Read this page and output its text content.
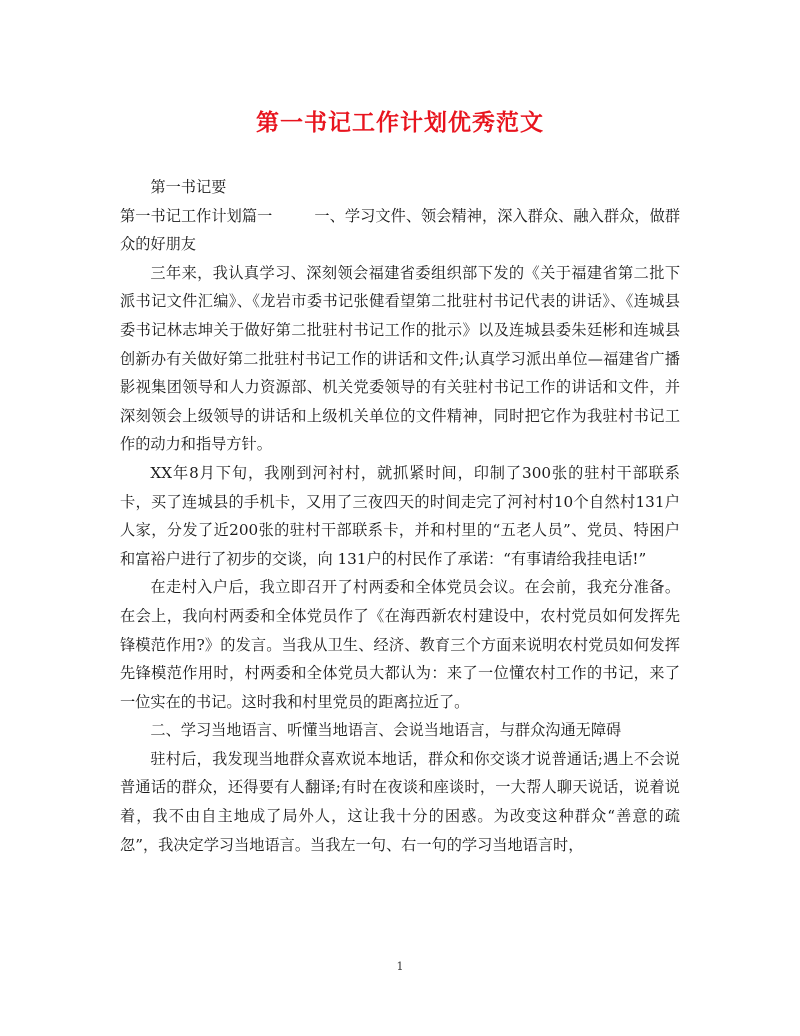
第一书记工作计划优秀范文

第一书记要

第一书记工作计划篇一	一、学习文件、领会精神，深入群众、融入群众，做群众的好朋友

三年来，我认真学习、深刻领会福建省委组织部下发的《关于福建省第二批下派书记文件汇编》、《龙岩市委书记张健看望第二批驻村书记代表的讲话》、《连城县委书记林志坤关于做好第二批驻村书记工作的批示》以及连城县委朱廷彬和连城县创新办有关做好第二批驻村书记工作的讲话和文件;认真学习派出单位—福建省广播影视集团领导和人力资源部、机关党委领导的有关驻村书记工作的讲话和文件，并深刻领会上级领导的讲话和上级机关单位的文件精神，同时把它作为我驻村书记工作的动力和指导方针。

XX年8月下旬，我刚到河衬村，就抓紧时间，印制了300张的驻村干部联系卡，买了连城县的手机卡，又用了三夜四天的时间走完了河衬村10个自然村131户人家，分发了近200张的驻村干部联系卡，并和村里的“五老人员”、党员、特困户和富裕户进行了初步的交谈，向 131户的村民作了承诺：“有事请给我挂电话!”

在走村入户后，我立即召开了村两委和全体党员会议。在会前，我充分准备。在会上，我向村两委和全体党员作了《在海西新农村建设中，农村党员如何发挥先锋模范作用?》的发言。当我从卫生、经济、教育三个方面来说明农村党员如何发挥先锋模范作用时，村两委和全体党员大都认为：来了一位懂农村工作的书记，来了一位实在的书记。这时我和村里党员的距离拉近了。

二、学习当地语言、听懂当地语言、会说当地语言，与群众沟通无障碍

驻村后，我发现当地群众喜欢说本地话，群众和你交谈才说普通话;遇上不会说普通话的群众，还得要有人翻译;有时在夜谈和座谈时，一大帮人聊天说话，说着说着，我不由自主地成了局外人，这让我十分的困惑。为改变这种群众“善意的疏忽”，我决定学习当地语言。当我左一句、右一句的学习当地语言时，

1
